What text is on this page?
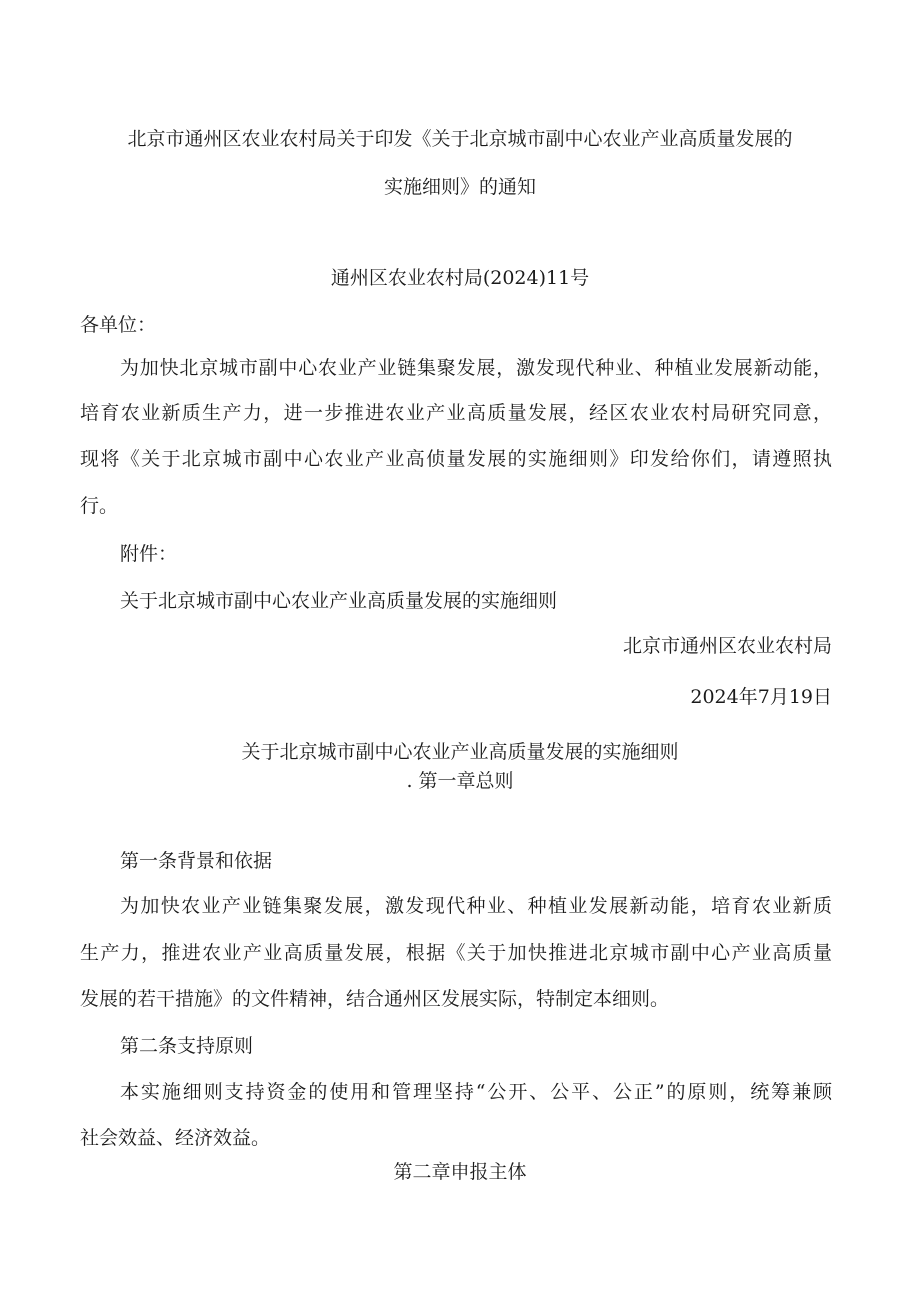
北京市通州区农业农村局关于印发《关于北京城市副中心农业产业高质量发展的
实施细则》的通知
通州区农业农村局(2024)11号
各单位：
为加快北京城市副中心农业产业链集聚发展，激发现代种业、种植业发展新动能，
培育农业新质生产力，进一步推进农业产业高质量发展，经区农业农村局研究同意，
现将《关于北京城市副中心农业产业高侦量发展的实施细则》印发给你们，请遵照执
行。
附件：
关于北京城市副中心农业产业高质量发展的实施细则
北京市通州区农业农村局
2024年7月19日
关于北京城市副中心农业产业高质量发展的实施细则
. 第一章总则
第一条背景和依据
为加快农业产业链集聚发展，激发现代种业、种植业发展新动能，培育农业新质
生产力，推进农业产业高质量发展，根据《关于加快推进北京城市副中心产业高质量
发展的若干措施》的文件精神，结合通州区发展实际，特制定本细则。
第二条支持原则
本实施细则支持资金的使用和管理坚持“公开、公平、公正”的原则，统筹兼顾
社会效益、经济效益。
第二章申报主体
